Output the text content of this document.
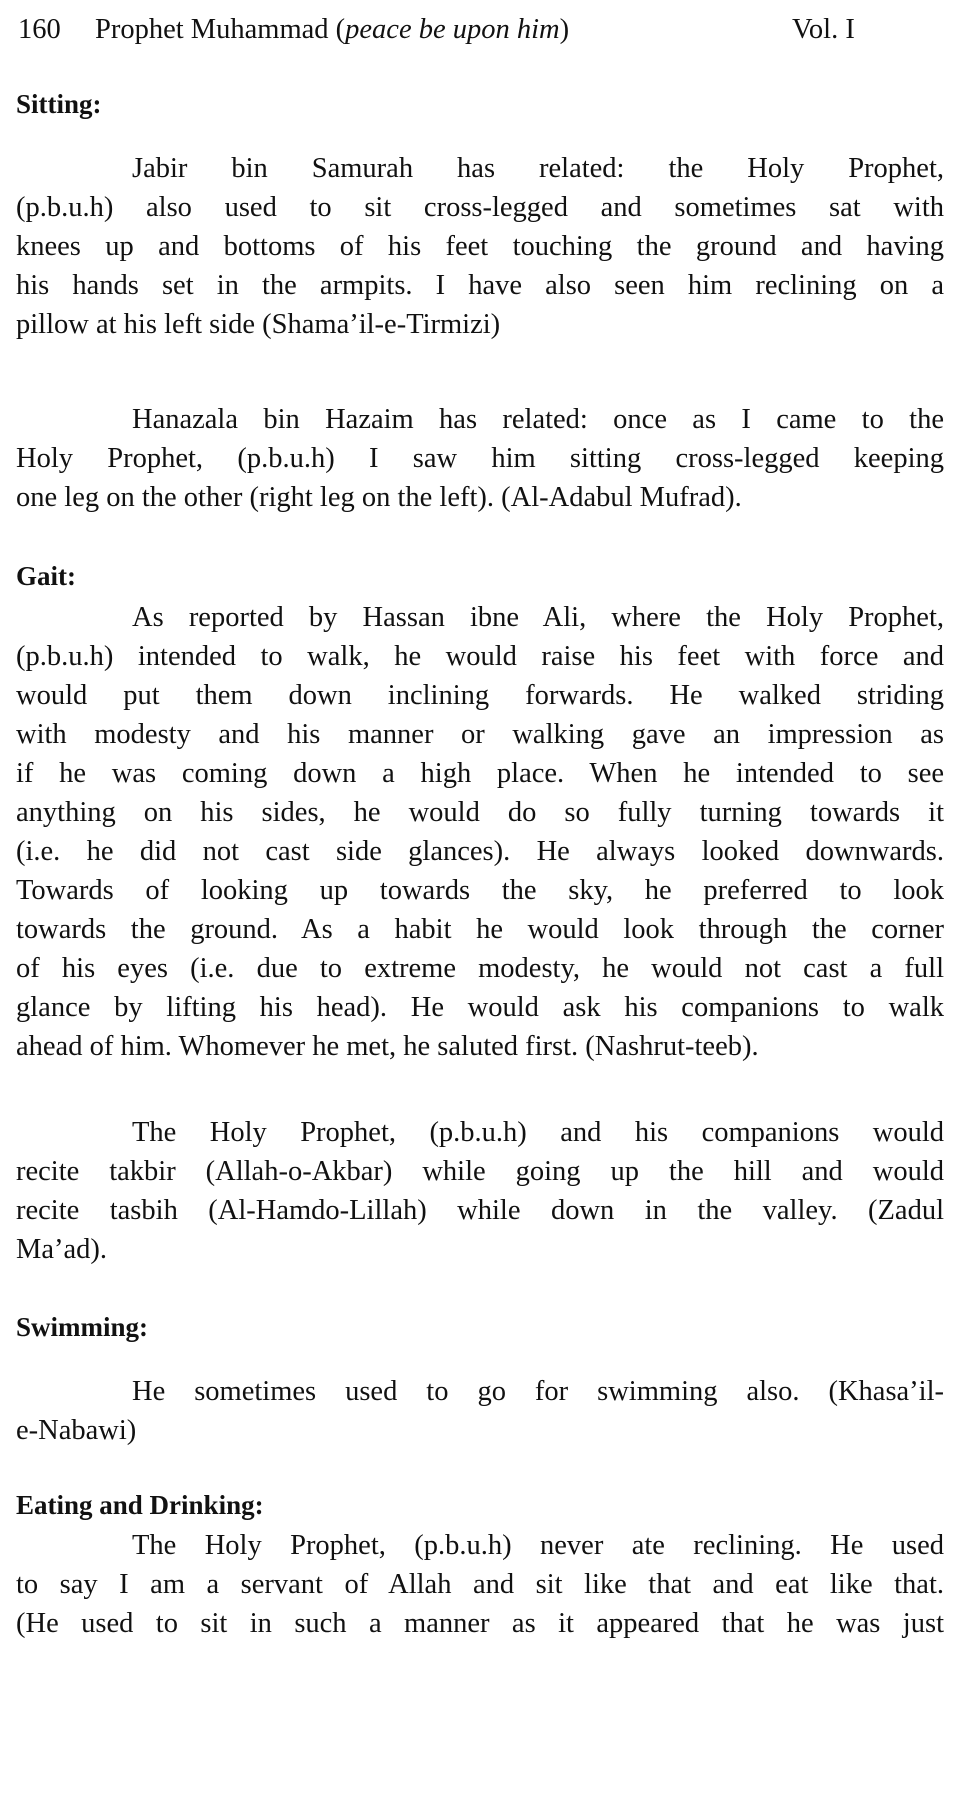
160 Prophet Muhammad (peace be upon him)	Vol. I
Sitting:

Jabir bin Samurah has related: the Holy Prophet,
(p.b.u.h) also used to sit cross-legged and sometimes sat with
knees up and bottoms of his feet touching the ground and having
his hands set in the armpits. I have also seen him reclining on a
pillow at his left side (Shama’il-e-Tirmizi)

Hanazala bin Hazaim has related: once as I came to the
Holy Prophet, (p.b.u.h) I saw him sitting cross-legged keeping
one leg on the other (right leg on the left). (Al-Adabul Mufrad).

Gait:

As reported by Hassan ibne Ali, where the Holy Prophet,
(p.b.u.h) intended to walk, he would raise his feet with force and
would put them down inclining forwards. He walked striding
with modesty and his manner or walking gave an impression as
if he was coming down a high place. When he intended to see
anything on his sides, he would do so fully turning towards it
(i.e. he did not cast side glances). He always looked downwards.
Towards of looking up towards the sky, he preferred to look
towards the ground. As a habit he would look through the corner
of his eyes (i.e. due to extreme modesty, he would not cast a full
glance by lifting his head). He would ask his companions to walk
ahead of him. Whomever he met, he saluted first. (Nashrut-teeb).

The Holy Prophet, (p.b.u.h) and his companions would
recite takbir (Allah-o-Akbar) while going up the hill and would
recite tasbih (Al-Hamdo-Lillah) while down in the valley. (Zadul
Ma’ad).

Swimming:

He sometimes used to go for swimming also. (Khasa’il-
e-Nabawi)

Eating and Drinking:

The Holy Prophet, (p.b.u.h) never ate reclining. He used
to say I am a servant of Allah and sit like that and eat like that.
(He used to sit in such a manner as it appeared that he was just
